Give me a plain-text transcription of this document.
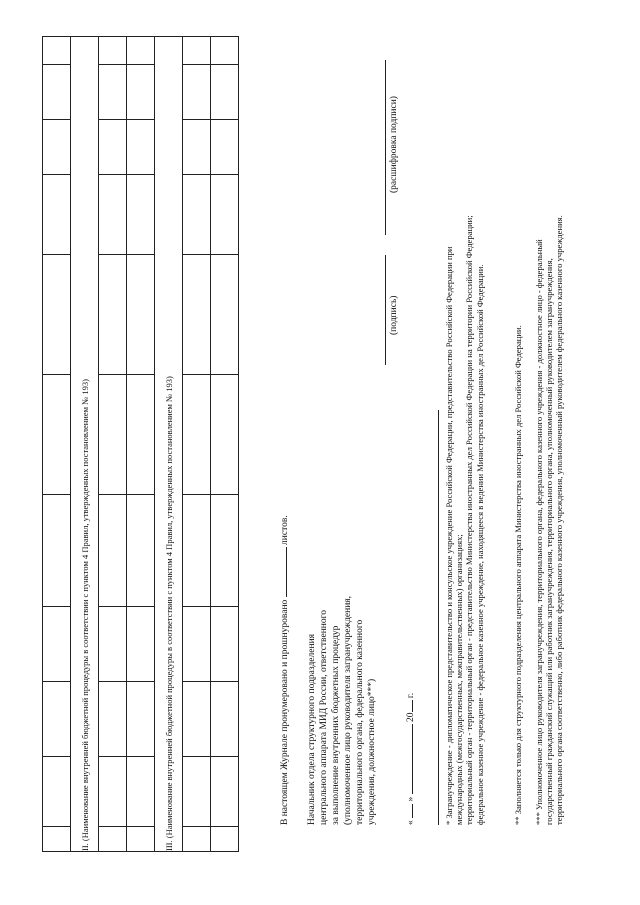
II. (Наименование внутренней бюджетной процедуры в соответствии с пунктом 4 Правил, утвержденных постановлением № 193)										

III. (Наименование внутренней бюджетной процедуры в соответствии с пунктом 4 Правил, утвержденных постановлением № 193)										

											В настоящем Журнале пронумеровано и прошнуровано  листов.
Начальник отдела структурного подразделения центрального аппарата МИД России, ответственного за выполнение внутренних бюджетных процедур (уполномоченное лицо руководителя загранучреждения, территориального органа, федерального казенного учреждения, должностное лицо***)
(подпись)
(расшифровка подписи)
«  »  20 г.	* Загранучреждение - дипломатическое представительство и консульское учреждение Российской Федерации, представительство Российской Федерации при международных (межгосударственных, межправительственных) организациях; территориальный орган - территориальный орган - представительство Министерства иностранных дел Российской Федерации на территории Российской Федерации; федеральное казенное учреждение - федеральное казенное учреждение, находящееся в ведении Министерства иностранных дел Российской Федерации.	** Заполняется только для структурного подразделения центрального аппарата Министерства иностранных дел Российской Федерации. *** Уполномоченное лицо руководителя загранучреждения, территориального органа, федерального казенного учреждения - должностное лицо - федеральный государственный гражданский служащий или работник загранучреждения, территориального органа, уполномоченный руководителем загранучреждения, территориального органа соответственно, либо работник федерального казенного учреждения, уполномоченный руководителем федерального казенного учреждения.
